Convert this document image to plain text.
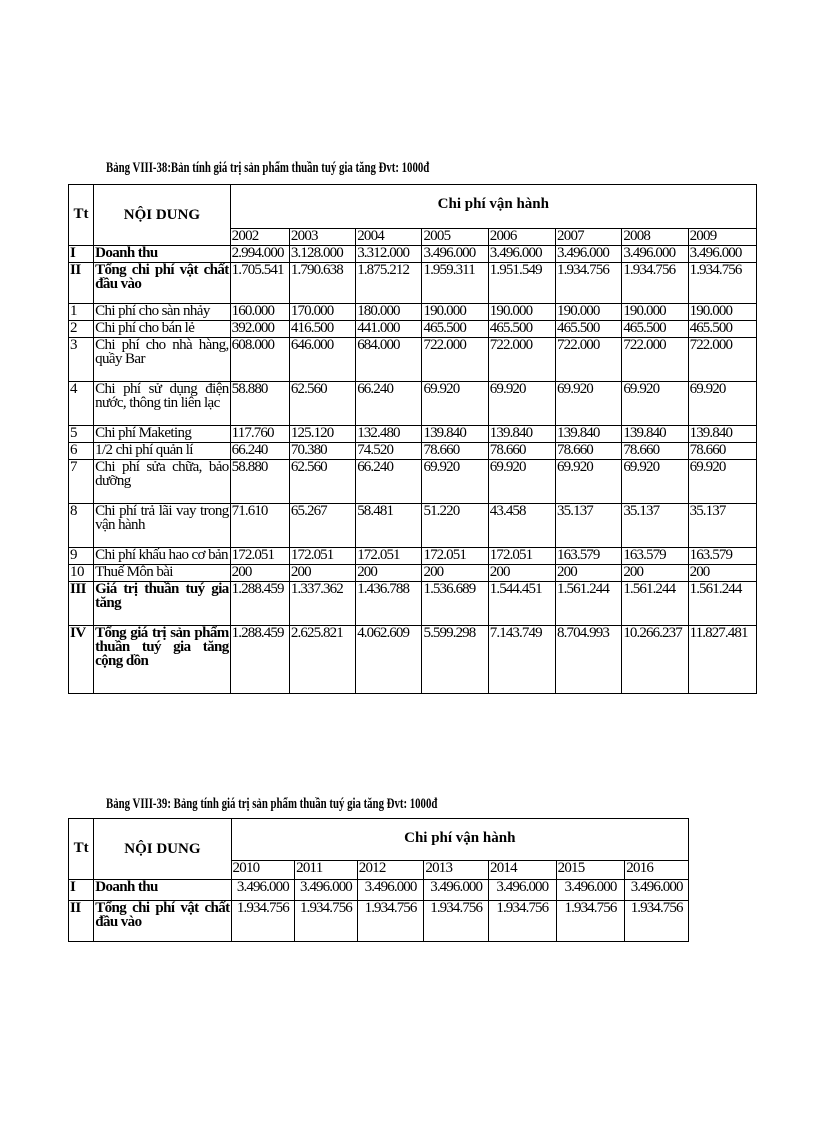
Bảng VIII-38:Bản tính giá trị sản phẩm thuần tuý gia tăng Đvt: 1000đ
Tt	NỘI DUNG	Chi phí vận hành							
		2002	2003	2004	2005	2006	2007	2008	2009
I	Doanh thu	2.994.000	3.128.000	3.312.000	3.496.000	3.496.000	3.496.000	3.496.000	3.496.000
II	Tổng chi phí vật chất đầu vào	1.705.541	1.790.638	1.875.212	1.959.311	1.951.549	1.934.756	1.934.756	1.934.756
1	Chi phí cho sàn nhảy	160.000	170.000	180.000	190.000	190.000	190.000	190.000	190.000
2	Chi phí cho bán lẻ	392.000	416.500	441.000	465.500	465.500	465.500	465.500	465.500
3	Chi phí cho nhà hàng, quầy Bar	608.000	646.000	684.000	722.000	722.000	722.000	722.000	722.000
4	Chi phí sử dụng điện nước, thông tin liên lạc	58.880	62.560	66.240	69.920	69.920	69.920	69.920	69.920
5	Chi phí Maketing	117.760	125.120	132.480	139.840	139.840	139.840	139.840	139.840
6	1/2 chi phí quản lí	66.240	70.380	74.520	78.660	78.660	78.660	78.660	78.660
7	Chi phí sửa chữa, bảo dưỡng	58.880	62.560	66.240	69.920	69.920	69.920	69.920	69.920
8	Chi phí trả lãi vay trong vận hành	71.610	65.267	58.481	51.220	43.458	35.137	35.137	35.137
9	Chi phí khấu hao cơ bản	172.051	172.051	172.051	172.051	172.051	163.579	163.579	163.579
10	Thuế Môn bài	200	200	200	200	200	200	200	200
III	Giá trị thuần tuý gia tăng	1.288.459	1.337.362	1.436.788	1.536.689	1.544.451	1.561.244	1.561.244	1.561.244
IV	Tổng giá trị sản phẩm thuần tuý gia tăng cộng dồn	1.288.459	2.625.821	4.062.609	5.599.298	7.143.749	8.704.993	10.266.237	11.827.481
Bảng VIII-39: Bảng tính giá trị sản phẩm thuần tuý gia tăng Đvt: 1000đ
Tt	NỘI DUNG	Chi phí vận hành						
		2010	2011	2012	2013	2014	2015	2016
I	Doanh thu	3.496.000	3.496.000	3.496.000	3.496.000	3.496.000	3.496.000	3.496.000
II	Tổng chi phí vật chất đầu vào	1.934.756	1.934.756	1.934.756	1.934.756	1.934.756	1.934.756	1.934.756
